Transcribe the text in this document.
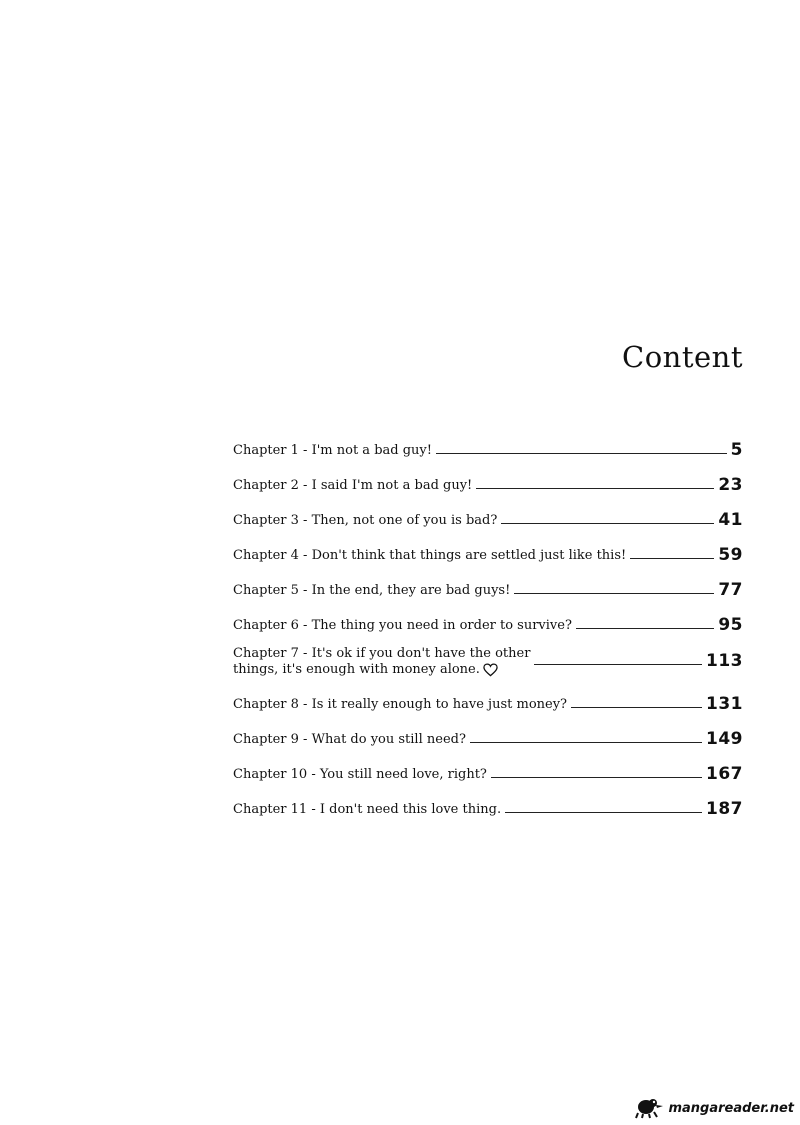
Content
Chapter 1 - I'm not a bad guy!	5
Chapter 2 - I said I'm not a bad guy!	23
Chapter 3 - Then, not one of you is bad?	41
Chapter 4 - Don't think that things are settled just like this!	59
Chapter 5 - In the end, they are bad guys!	77
Chapter 6 - The thing you need in order to survive?	95
Chapter 7 - It's ok if you don't have the other
things, it's enough with money alone.	113
Chapter 8 - Is it really enough to have just money?	131
Chapter 9 - What do you still need?	149
Chapter 10 - You still need love, right?	167
Chapter 11 - I don't need this love thing.	187
mangareader.net
